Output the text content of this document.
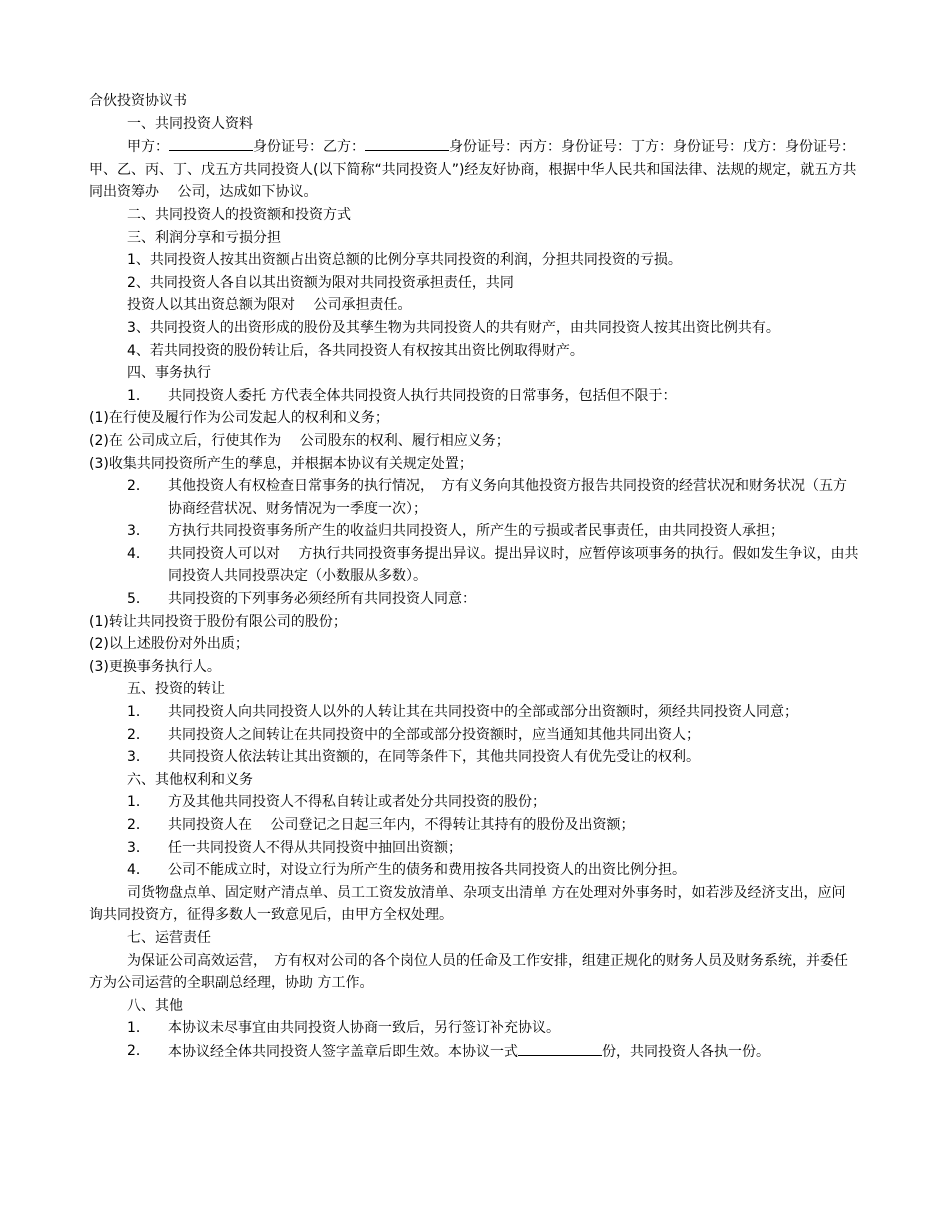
合伙投资协议书
一、共同投资人资料
甲方：	身份证号：乙方：	身份证号：丙方：身份证号：丁方：身份证号：戊方：身份证号：甲、乙、丙、丁、戊五方共同投资人(以下简称“共同投资人”)经友好协商，根据中华人民共和国法律、法规的规定，就五方共同出资筹办　 公司，达成如下协议。
二、共同投资人的投资额和投资方式
三、利润分享和亏损分担
1、共同投资人按其出资额占出资总额的比例分享共同投资的利润，分担共同投资的亏损。
2、共同投资人各自以其出资额为限对共同投资承担责任，共同
投资人以其出资总额为限对　 公司承担责任。
3、共同投资人的出资形成的股份及其孳生物为共同投资人的共有财产，由共同投资人按其出资比例共有。
4、若共同投资的股份转让后，各共同投资人有权按其出资比例取得财产。
四、事务执行
1． 共同投资人委托 方代表全体共同投资人执行共同投资的日常事务，包括但不限于：
(1)在行使及履行作为公司发起人的权利和义务；
(2)在 公司成立后，行使其作为　 公司股东的权利、履行相应义务；
(3)收集共同投资所产生的孳息，并根据本协议有关规定处置；
2． 其他投资人有权检查日常事务的执行情况，　方有义务向其他投资方报告共同投资的经营状况和财务状况（五方协商经营状况、财务情况为一季度一次）；
3． 方执行共同投资事务所产生的收益归共同投资人，所产生的亏损或者民事责任，由共同投资人承担；
4． 共同投资人可以对　 方执行共同投资事务提出异议。提出异议时，应暂停该项事务的执行。假如发生争议，由共同投资人共同投票决定（小数服从多数）。
5． 共同投资的下列事务必须经所有共同投资人同意：
(1)转让共同投资于股份有限公司的股份；
(2)以上述股份对外出质；
(3)更换事务执行人。
五、投资的转让
1． 共同投资人向共同投资人以外的人转让其在共同投资中的全部或部分出资额时，须经共同投资人同意；
2． 共同投资人之间转让在共同投资中的全部或部分投资额时，应当通知其他共同出资人；
3． 共同投资人依法转让其出资额的，在同等条件下，其他共同投资人有优先受让的权利。
六、其他权利和义务
1． 方及其他共同投资人不得私自转让或者处分共同投资的股份；
2． 共同投资人在　 公司登记之日起三年内，不得转让其持有的股份及出资额；
3． 任一共同投资人不得从共同投资中抽回出资额；
4． 公司不能成立时，对设立行为所产生的债务和费用按各共同投资人的出资比例分担。
司货物盘点单、固定财产清点单、员工工资发放清单、杂项支出清单 方在处理对外事务时，如若涉及经济支出，应问询共同投资方，征得多数人一致意见后，由甲方全权处理。
七、运营责任
为保证公司高效运营，　方有权对公司的各个岗位人员的任命及工作安排，组建正规化的财务人员及财务系统，并委任 方为公司运营的全职副总经理，协助 方工作。
八、其他
1． 本协议未尽事宜由共同投资人协商一致后，另行签订补充协议。
2． 本协议经全体共同投资人签字盖章后即生效。本协议一式	份，共同投资人各执一份。
